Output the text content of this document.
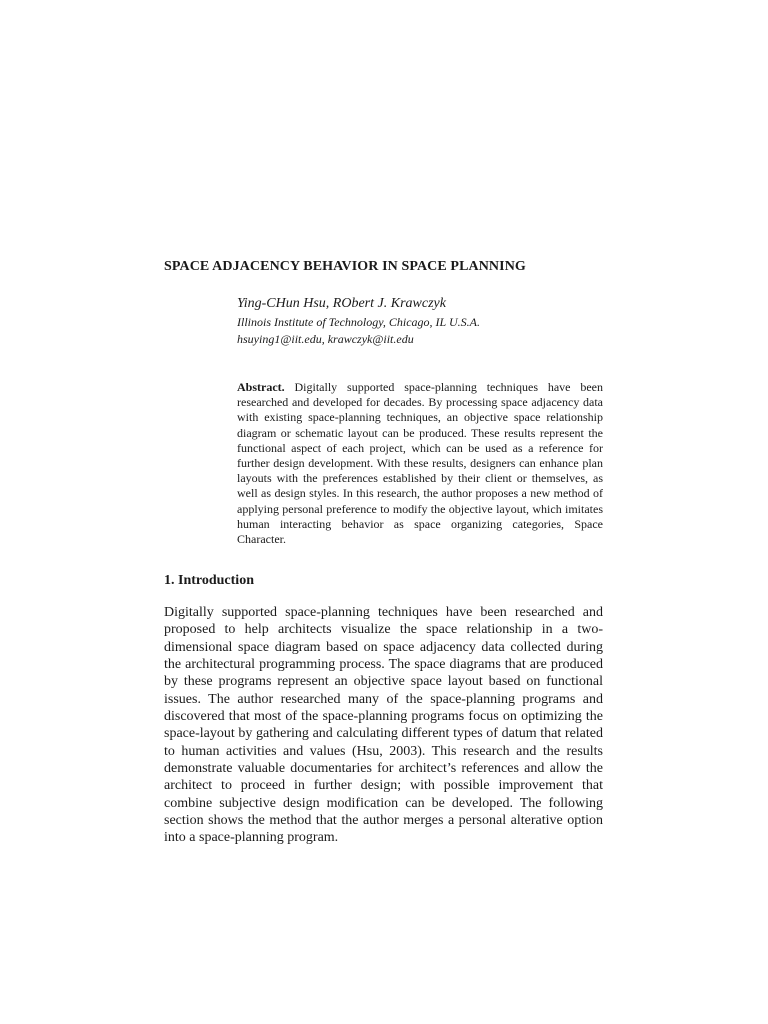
SPACE ADJACENCY BEHAVIOR IN SPACE PLANNING
Ying-CHun Hsu, RObert J. Krawczyk
Illinois Institute of Technology, Chicago, IL U.S.A.
hsuying1@iit.edu, krawczyk@iit.edu
Abstract. Digitally supported space-planning techniques have been researched and developed for decades. By processing space adjacency data with existing space-planning techniques, an objective space relationship diagram or schematic layout can be produced. These results represent the functional aspect of each project, which can be used as a reference for further design development. With these results, designers can enhance plan layouts with the preferences established by their client or themselves, as well as design styles. In this research, the author proposes a new method of applying personal preference to modify the objective layout, which imitates human interacting behavior as space organizing categories, Space Character.
1. Introduction
Digitally supported space-planning techniques have been researched and proposed to help architects visualize the space relationship in a two-dimensional space diagram based on space adjacency data collected during the architectural programming process. The space diagrams that are produced by these programs represent an objective space layout based on functional issues. The author researched many of the space-planning programs and discovered that most of the space-planning programs focus on optimizing the space-layout by gathering and calculating different types of datum that related to human activities and values (Hsu, 2003). This research and the results demonstrate valuable documentaries for architect’s references and allow the architect to proceed in further design; with possible improvement that combine subjective design modification can be developed. The following section shows the method that the author merges a personal alterative option into a space-planning program.
